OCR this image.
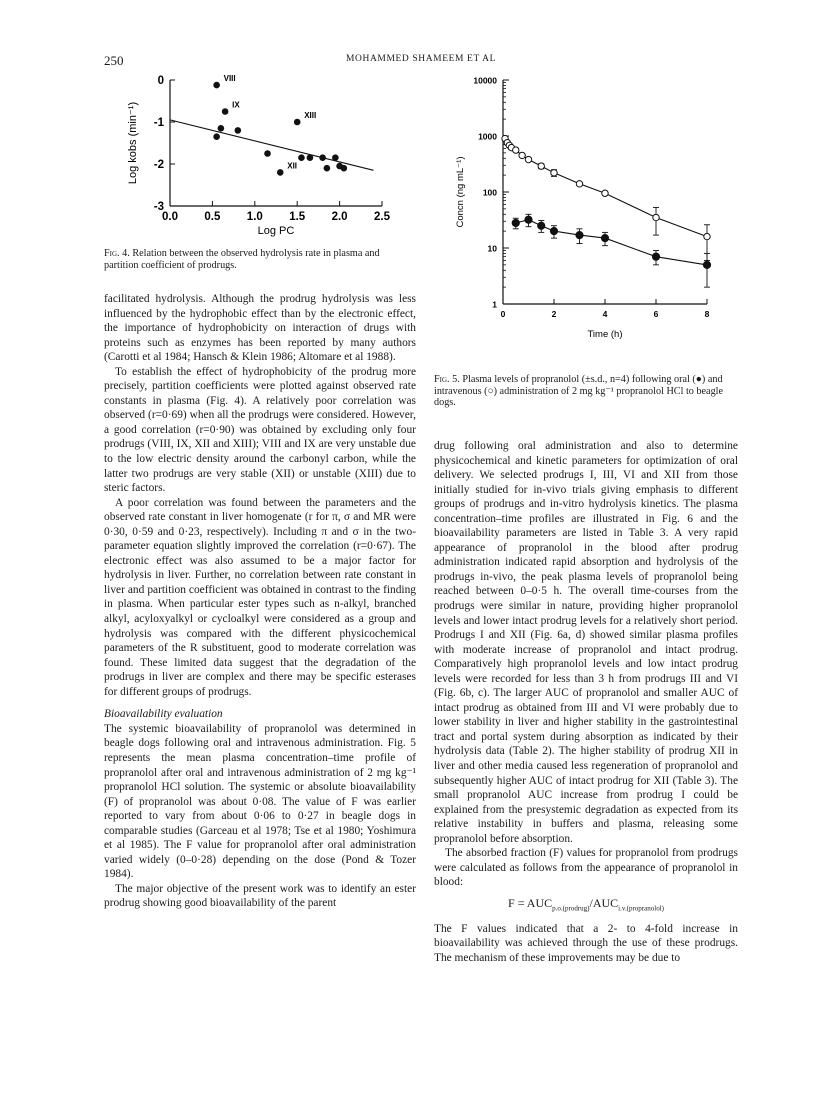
250	MOHAMMED SHAMEEM ET AL
0.0 0.5 1.0 1.5 2.0 2.5
0
-1
-2
-3
Log PC
Log kobs (min⁻¹)
VIII
IX
XII
XIII
Fig. 4. Relation between the observed hydrolysis rate in plasma and partition coefficient of prodrugs.
0	2	4	6	8
1
10
100
1000
10000
Time (h)
Concn (ng mL⁻¹)
Fig. 5. Plasma levels of propranolol (±s.d., n=4) following oral (●) and intravenous (○) administration of 2 mg kg⁻¹ propranolol HCl to beagle dogs.

facilitated hydrolysis. Although the prodrug hydrolysis was less influenced by the hydrophobic effect than by the electronic effect, the importance of hydrophobicity on interaction of drugs with proteins such as enzymes has been reported by many authors (Carotti et al 1984; Hansch & Klein 1986; Altomare et al 1988).

To establish the effect of hydrophobicity of the prodrug more precisely, partition coefficients were plotted against observed rate constants in plasma (Fig. 4). A relatively poor correlation was observed (r=0·69) when all the prodrugs were considered. However, a good correlation (r=0·90) was obtained by excluding only four prodrugs (VIII, IX, XII and XIII); VIII and IX are very unstable due to the low electric density around the carbonyl carbon, while the latter two prodrugs are very stable (XII) or unstable (XIII) due to steric factors.

A poor correlation was found between the parameters and the observed rate constant in liver homogenate (r for π, σ and MR were 0·30, 0·59 and 0·23, respectively). Including π and σ in the two-parameter equation slightly improved the correlation (r=0·67). The electronic effect was also assumed to be a major factor for hydrolysis in liver. Further, no correlation between rate constant in liver and partition coefficient was obtained in contrast to the finding in plasma. When particular ester types such as n-alkyl, branched alkyl, acyloxyalkyl or cycloalkyl were considered as a group and hydrolysis was compared with the different physicochemical parameters of the R substituent, good to moderate correlation was found. These limited data suggest that the degradation of the prodrugs in liver are complex and there may be specific esterases for different groups of prodrugs.

Bioavailability evaluation

The systemic bioavailability of propranolol was determined in beagle dogs following oral and intravenous administration. Fig. 5 represents the mean plasma concentration–time profile of propranolol after oral and intravenous administration of 2 mg kg⁻¹ propranolol HCl solution. The systemic or absolute bioavailability (F) of propranolol was about 0·08. The value of F was earlier reported to vary from about 0·06 to 0·27 in beagle dogs in comparable studies (Garceau et al 1978; Tse et al 1980; Yoshimura et al 1985). The F value for propranolol after oral administration varied widely (0–0·28) depending on the dose (Pond & Tozer 1984).

The major objective of the present work was to identify an ester prodrug showing good bioavailability of the parent

drug following oral administration and also to determine physicochemical and kinetic parameters for optimization of oral delivery. We selected prodrugs I, III, VI and XII from those initially studied for in-vivo trials giving emphasis to different groups of prodrugs and in-vitro hydrolysis kinetics. The plasma concentration–time profiles are illustrated in Fig. 6 and the bioavailability parameters are listed in Table 3. A very rapid appearance of propranolol in the blood after prodrug administration indicated rapid absorption and hydrolysis of the prodrugs in-vivo, the peak plasma levels of propranolol being reached between 0–0·5 h. The overall time-courses from the prodrugs were similar in nature, providing higher propranolol levels and lower intact prodrug levels for a relatively short period. Prodrugs I and XII (Fig. 6a, d) showed similar plasma profiles with moderate increase of propranolol and intact prodrug. Comparatively high propranolol levels and low intact prodrug levels were recorded for less than 3 h from prodrugs III and VI (Fig. 6b, c). The larger AUC of propranolol and smaller AUC of intact prodrug as obtained from III and VI were probably due to lower stability in liver and higher stability in the gastrointestinal tract and portal system during absorption as indicated by their hydrolysis data (Table 2). The higher stability of prodrug XII in liver and other media caused less regeneration of propranolol and subsequently higher AUC of intact prodrug for XII (Table 3). The small propranolol AUC increase from prodrug I could be explained from the presystemic degradation as expected from its relative instability in buffers and plasma, releasing some propranolol before absorption.

The absorbed fraction (F) values for propranolol from prodrugs were calculated as follows from the appearance of propranolol in blood:

$F = AUC_{p.o.(prodrug)}/AUC_{i.v.(propranolol)}$

The F values indicated that a 2- to 4-fold increase in bioavailability was achieved through the use of these prodrugs. The mechanism of these improvements may be due to
